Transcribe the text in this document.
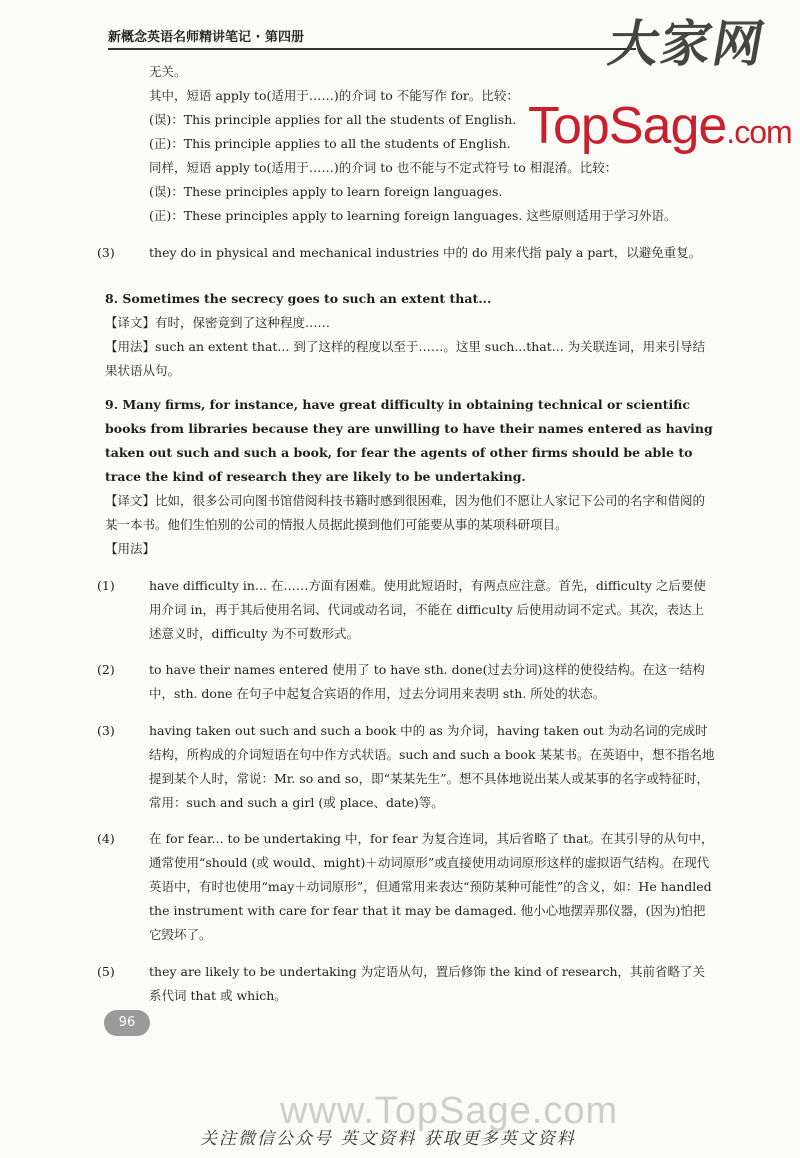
新概念英语名师精讲笔记 · 第四册	大家网
TopSage.com

无关。

其中，短语 apply to(适用于……)的介词 to 不能写作 for。比较：

(误)：This principle applies for all the students of English.

(正)：This principle applies to all the students of English.

同样，短语 apply to(适用于……)的介词 to 也不能与不定式符号 to 相混淆。比较：

(误)：These principles apply to learn foreign languages.

(正)：These principles apply to learning foreign languages. 这些原则适用于学习外语。

(3)	they do in physical and mechanical industries 中的 do 用来代指 paly a part，以避免重复。

8. Sometimes the secrecy goes to such an extent that...

【译文】有时，保密竟到了这种程度……

【用法】such an extent that... 到了这样的程度以至于……。这里 such...that... 为关联连词，用来引导结果状语从句。

9. Many firms, for instance, have great difficulty in obtaining technical or scientific books from libraries because they are unwilling to have their names entered as having taken out such and such a book, for fear the agents of other firms should be able to trace the kind of research they are likely to be undertaking.

【译文】比如，很多公司向图书馆借阅科技书籍时感到很困难，因为他们不愿让人家记下公司的名字和借阅的某一本书。他们生怕别的公司的情报人员据此摸到他们可能要从事的某项科研项目。

【用法】

(1)	have difficulty in... 在……方面有困难。使用此短语时，有两点应注意。首先，difficulty 之后要使用介词 in，再于其后使用名词、代词或动名词，不能在 difficulty 后使用动词不定式。其次，表达上述意义时，difficulty 为不可数形式。

(2)	to have their names entered 使用了 to have sth. done(过去分词)这样的使役结构。在这一结构中，sth. done 在句子中起复合宾语的作用，过去分词用来表明 sth. 所处的状态。

(3)	having taken out such and such a book 中的 as 为介词，having taken out 为动名词的完成时结构，所构成的介词短语在句中作方式状语。such and such a book 某某书。在英语中，想不指名地提到某个人时，常说：Mr. so and so，即“某某先生”。想不具体地说出某人或某事的名字或特征时，常用：such and such a girl (或 place、date)等。

(4)	在 for fear... to be undertaking 中，for fear 为复合连词，其后省略了 that。在其引导的从句中，通常使用“should (或 would、might)＋动词原形”或直接使用动词原形这样的虚拟语气结构。在现代英语中，有时也使用“may＋动词原形”，但通常用来表达“预防某种可能性”的含义，如：He handled the instrument with care for fear that it may be damaged. 他小心地摆弄那仪器，(因为)怕把它毁坏了。

(5)	they are likely to be undertaking 为定语从句，置后修饰 the kind of research，其前省略了关系代词 that 或 which。

96
www.TopSage.com
关注微信公众号 英文资料 获取更多英文资料
